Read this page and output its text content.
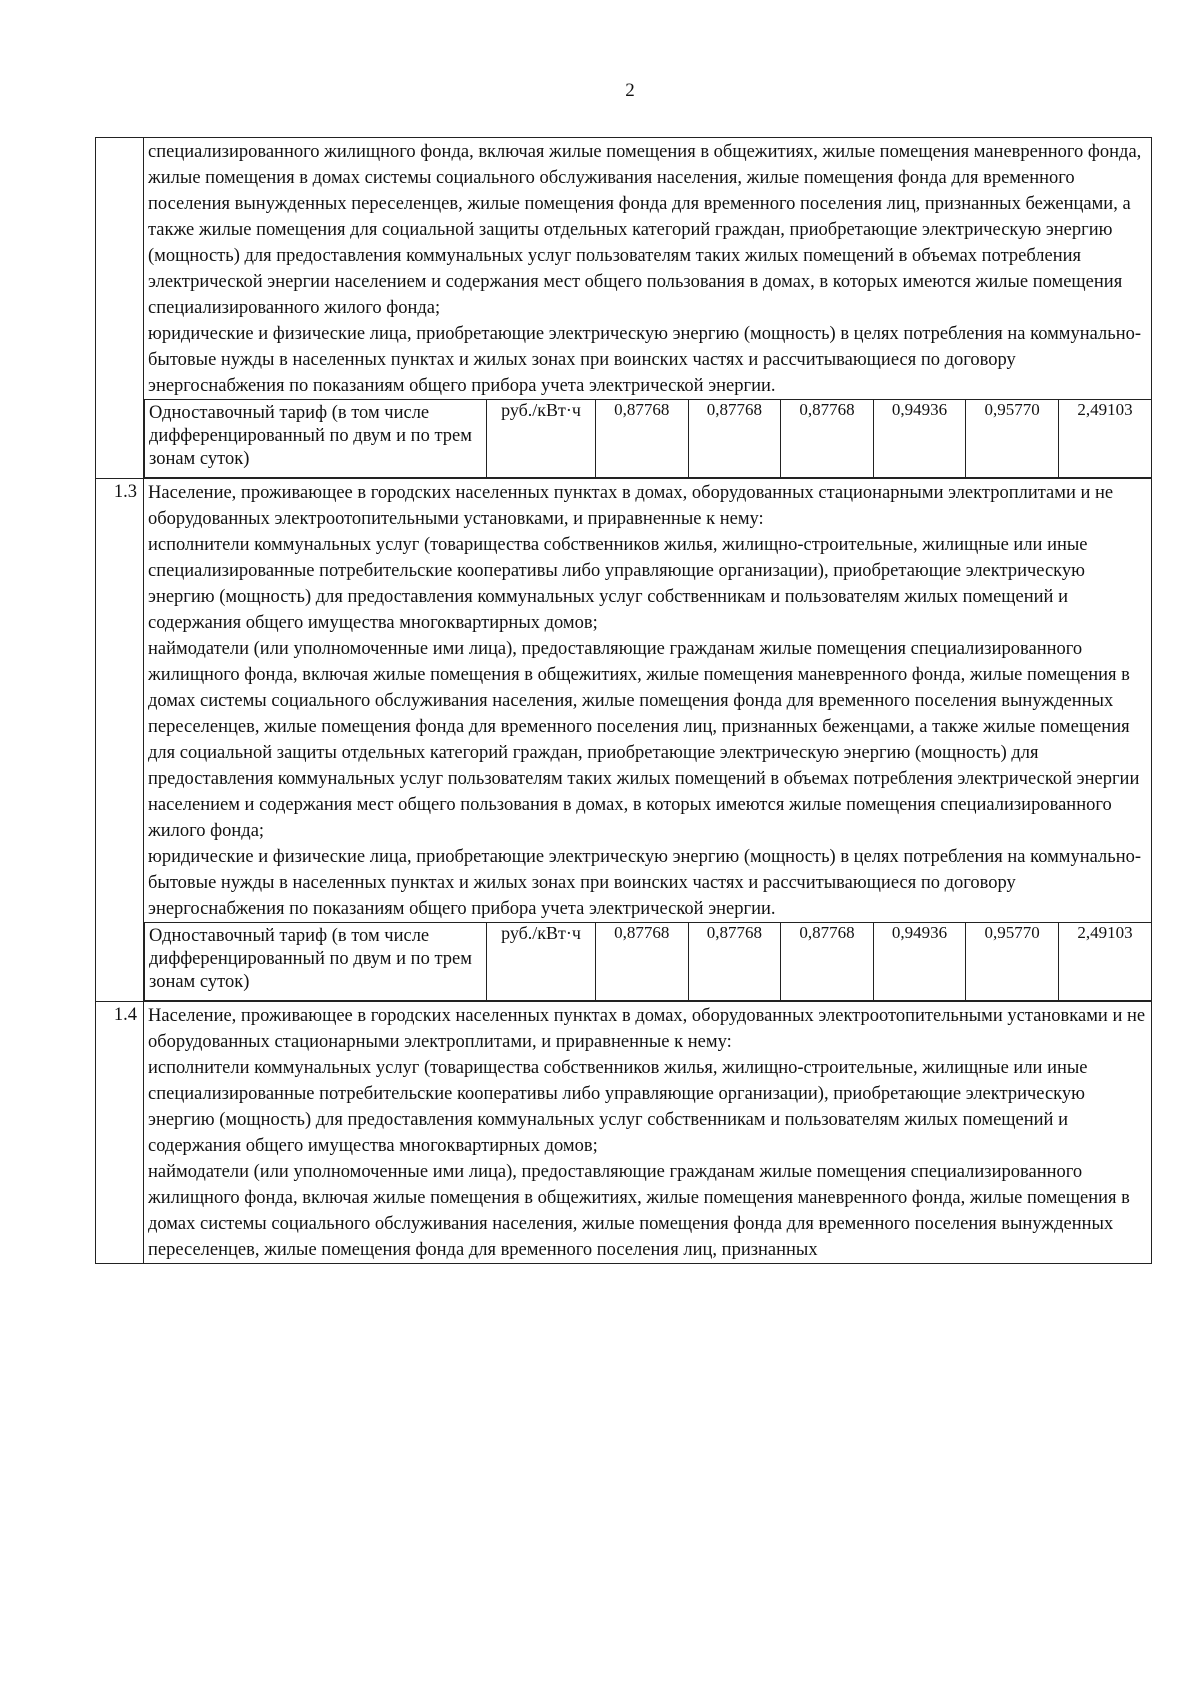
2

специализированного жилищного фонда, включая жилые помещения в общежитиях, жилые помещения маневренного фонда, жилые помещения в домах системы социального обслуживания населения, жилые помещения фонда для временного поселения вынужденных переселенцев, жилые помещения фонда для временного поселения лиц, признанных беженцами, а также жилые помещения для социальной защиты отдельных категорий граждан, приобретающие электрическую энергию (мощность) для предоставления коммунальных услуг пользователям таких жилых помещений в объемах потребления электрической энергии населением и содержания мест общего пользования в домах, в которых имеются жилые помещения специализированного жилого фонда;

юридические и физические лица, приобретающие электрическую энергию (мощность) в целях потребления на коммунально-бытовые нужды в населенных пунктах и жилых зонах при воинских частях и рассчитывающиеся по договору энергоснабжения по показаниям общего прибора учета электрической энергии.

Одноставочный тариф (в том числе дифференцированный по двум и по трем зонам суток)	руб./кВт·ч	0,87768	0,87768	0,87768	0,94936	0,95770	2,49103

1.3	Население, проживающее в городских населенных пунктах в домах, оборудованных стационарными электроплитами и не оборудованных электроотопительными установками, и приравненные к нему:

исполнители коммунальных услуг (товарищества собственников жилья, жилищно-строительные, жилищные или иные специализированные потребительские кооперативы либо управляющие организации), приобретающие электрическую энергию (мощность) для предоставления коммунальных услуг собственникам и пользователям жилых помещений и содержания общего имущества многоквартирных домов;

наймодатели (или уполномоченные ими лица), предоставляющие гражданам жилые помещения специализированного жилищного фонда, включая жилые помещения в общежитиях, жилые помещения маневренного фонда, жилые помещения в домах системы социального обслуживания населения, жилые помещения фонда для временного поселения вынужденных переселенцев, жилые помещения фонда для временного поселения лиц, признанных беженцами, а также жилые помещения для социальной защиты отдельных категорий граждан, приобретающие электрическую энергию (мощность) для предоставления коммунальных услуг пользователям таких жилых помещений в объемах потребления электрической энергии населением и содержания мест общего пользования в домах, в которых имеются жилые помещения специализированного жилого фонда;

юридические и физические лица, приобретающие электрическую энергию (мощность) в целях потребления на коммунально-бытовые нужды в населенных пунктах и жилых зонах при воинских частях и рассчитывающиеся по договору энергоснабжения по показаниям общего прибора учета электрической энергии.

Одноставочный тариф (в том числе дифференцированный по двум и по трем зонам суток)	руб./кВт·ч	0,87768	0,87768	0,87768	0,94936	0,95770	2,49103

1.4	Население, проживающее в городских населенных пунктах в домах, оборудованных электроотопительными установками и не оборудованных стационарными электроплитами, и приравненные к нему:

исполнители коммунальных услуг (товарищества собственников жилья, жилищно-строительные, жилищные или иные специализированные потребительские кооперативы либо управляющие организации), приобретающие электрическую энергию (мощность) для предоставления коммунальных услуг собственникам и пользователям жилых помещений и содержания общего имущества многоквартирных домов;

наймодатели (или уполномоченные ими лица), предоставляющие гражданам жилые помещения специализированного жилищного фонда, включая жилые помещения в общежитиях, жилые помещения маневренного фонда, жилые помещения в домах системы социального обслуживания населения, жилые помещения фонда для временного поселения вынужденных переселенцев, жилые помещения фонда для временного поселения лиц, признанных
